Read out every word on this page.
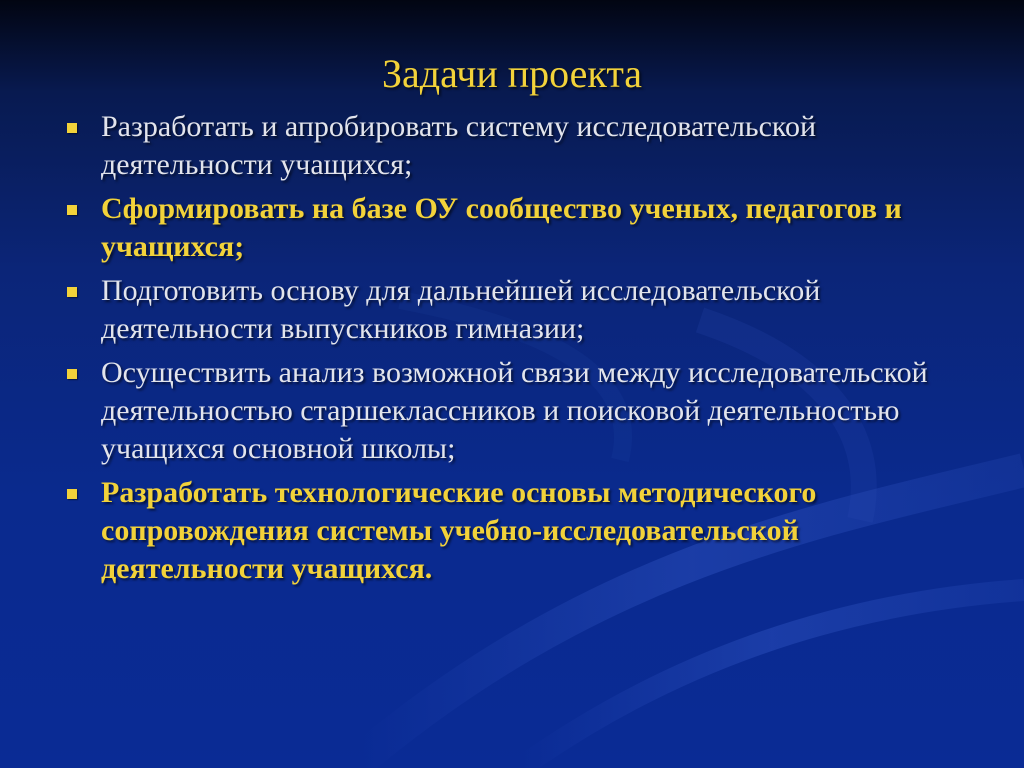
Задачи проекта
Разработать и апробировать систему исследовательской деятельности учащихся;
Сформировать на базе ОУ сообщество ученых, педагогов и учащихся;
Подготовить основу для дальнейшей исследовательской деятельности выпускников гимназии;
Осуществить анализ возможной связи между исследовательской деятельностью старшеклассников и поисковой деятельностью учащихся основной школы;
Разработать технологические основы методического сопровождения системы учебно-исследовательской деятельности учащихся.
